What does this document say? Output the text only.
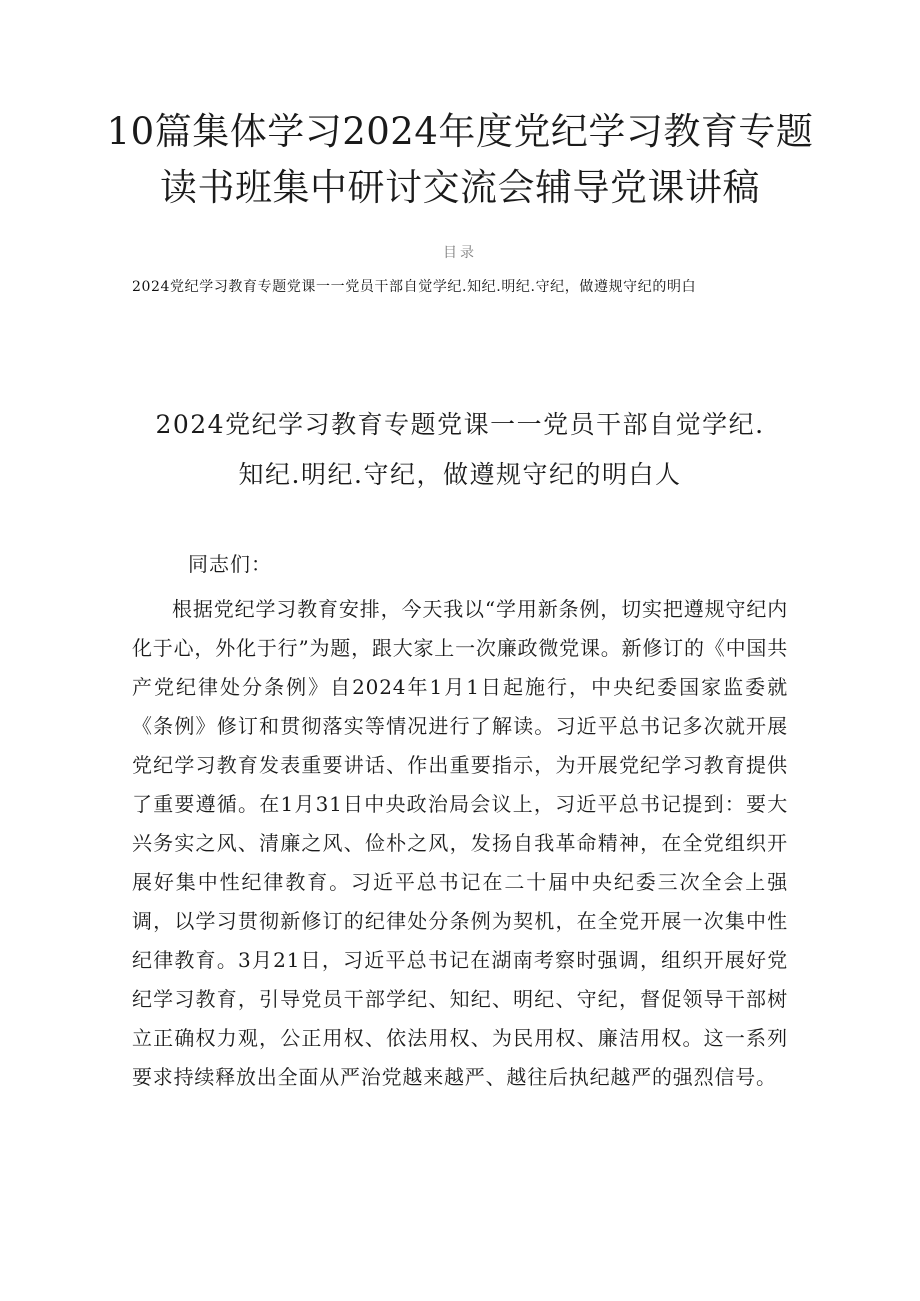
10篇集体学习2024年度党纪学习教育专题
读书班集中研讨交流会辅导党课讲稿
目录
2024党纪学习教育专题党课一一党员干部自觉学纪.知纪.明纪.守纪，做遵规守纪的明白
2024党纪学习教育专题党课一一党员干部自觉学纪.
知纪.明纪.守纪，做遵规守纪的明白人
同志们：

根据党纪学习教育安排，今天我以“学用新条例，切实把遵规守纪内化于心，外化于行”为题，跟大家上一次廉政微党课。新修订的《中国共产党纪律处分条例》自2024年1月1日起施行，中央纪委国家监委就《条例》修订和贯彻落实等情况进行了解读。习近平总书记多次就开展党纪学习教育发表重要讲话、作出重要指示，为开展党纪学习教育提供了重要遵循。在1月31日中央政治局会议上，习近平总书记提到：要大兴务实之风、清廉之风、俭朴之风，发扬自我革命精神，在全党组织开展好集中性纪律教育。习近平总书记在二十届中央纪委三次全会上强调，以学习贯彻新修订的纪律处分条例为契机，在全党开展一次集中性纪律教育。3月21日，习近平总书记在湖南考察时强调，组织开展好党纪学习教育，引导党员干部学纪、知纪、明纪、守纪，督促领导干部树立正确权力观，公正用权、依法用权、为民用权、廉洁用权。这一系列要求持续释放出全面从严治党越来越严、越往后执纪越严的强烈信号。
